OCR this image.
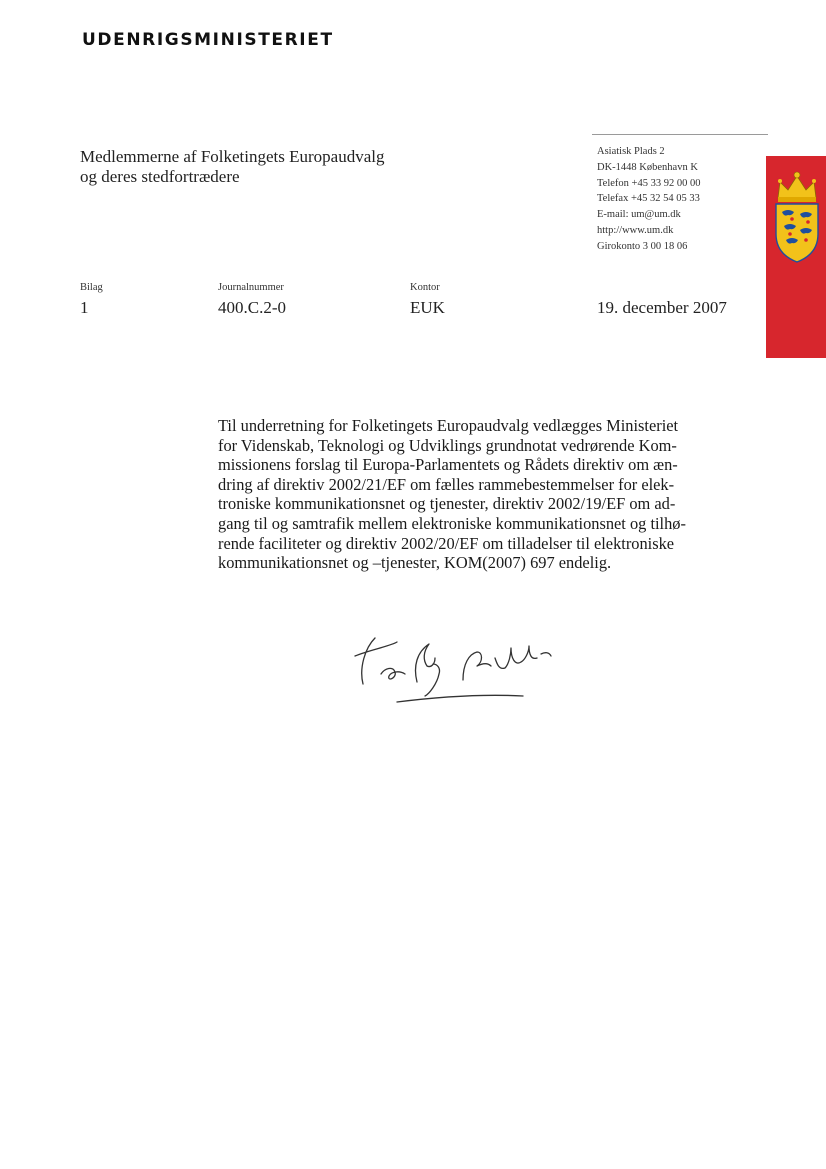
UDENRIGSMINISTERIET
Medlemmerne af Folketingets Europaudvalg
og deres stedfortrædere
Asiatisk Plads 2
DK-1448 København K
Telefon +45 33 92 00 00
Telefax +45 32 54 05 33
E-mail: um@um.dk
http://www.um.dk
Girokonto 3 00 18 06
Bilag
1
Journalnummer
400.C.2-0
Kontor
EUK	19. december 2007
Til underretning for Folketingets Europaudvalg vedlægges Ministeriet
for Videnskab, Teknologi og Udviklings grundnotat vedrørende Kom-
missionens forslag til Europa-Parlamentets og Rådets direktiv om æn-
dring af direktiv 2002/21/EF om fælles rammebestemmelser for elek-
troniske kommunikationsnet og tjenester, direktiv 2002/19/EF om ad-
gang til og samtrafik mellem elektroniske kommunikationsnet og tilhø-
rende faciliteter og direktiv 2002/20/EF om tilladelser til elektroniske
kommunikationsnet og –tjenester, KOM(2007) 697 endelig.
